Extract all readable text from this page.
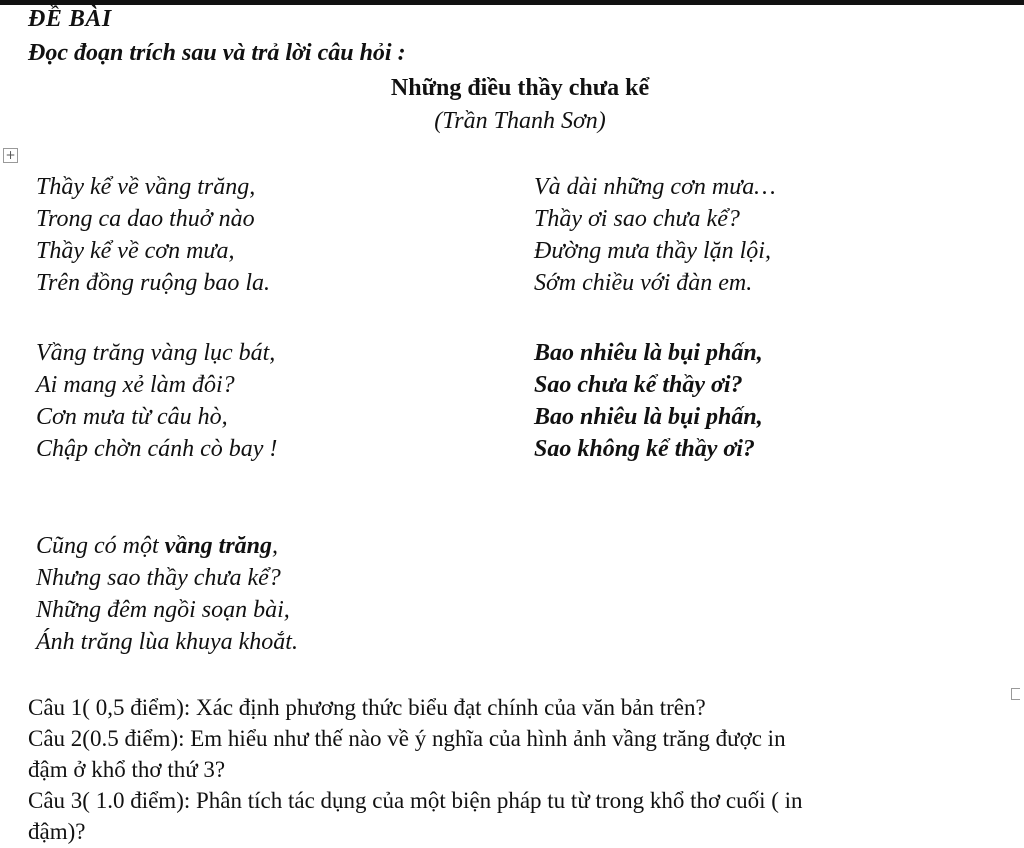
ĐỀ BÀI
Đọc đoạn trích sau và trả lời câu hỏi :
Những điều thầy chưa kể
(Trần Thanh Sơn)
+
Thầy kể về vầng trăng,
Trong ca dao thuở nào
Thầy kể về cơn mưa,
Trên đồng ruộng bao la.
Và dài những cơn mưa…
Thầy ơi sao chưa kể?
Đường mưa thầy lặn lội,
Sớm chiều với đàn em.
Vầng trăng vàng lục bát,
Ai mang xẻ làm đôi?
Cơn mưa từ câu hò,
Chập chờn cánh cò bay !
Bao nhiêu là bụi phấn,
Sao chưa kể thầy ơi?
Bao nhiêu là bụi phấn,
Sao không kể thầy ơi?
Cũng có một vầng trăng,
Nhưng sao thầy chưa kể?
Những đêm ngồi soạn bài,
Ánh trăng lùa khuya khoắt.
Câu 1( 0,5 điểm): Xác định phương thức biểu đạt chính của văn bản trên?
Câu 2(0.5 điểm): Em hiểu như thế nào về ý nghĩa của hình ảnh vầng trăng được in
đậm ở khổ thơ thứ 3?
Câu 3( 1.0 điểm): Phân tích tác dụng của một biện pháp tu từ trong khổ thơ cuối ( in
đậm)?
